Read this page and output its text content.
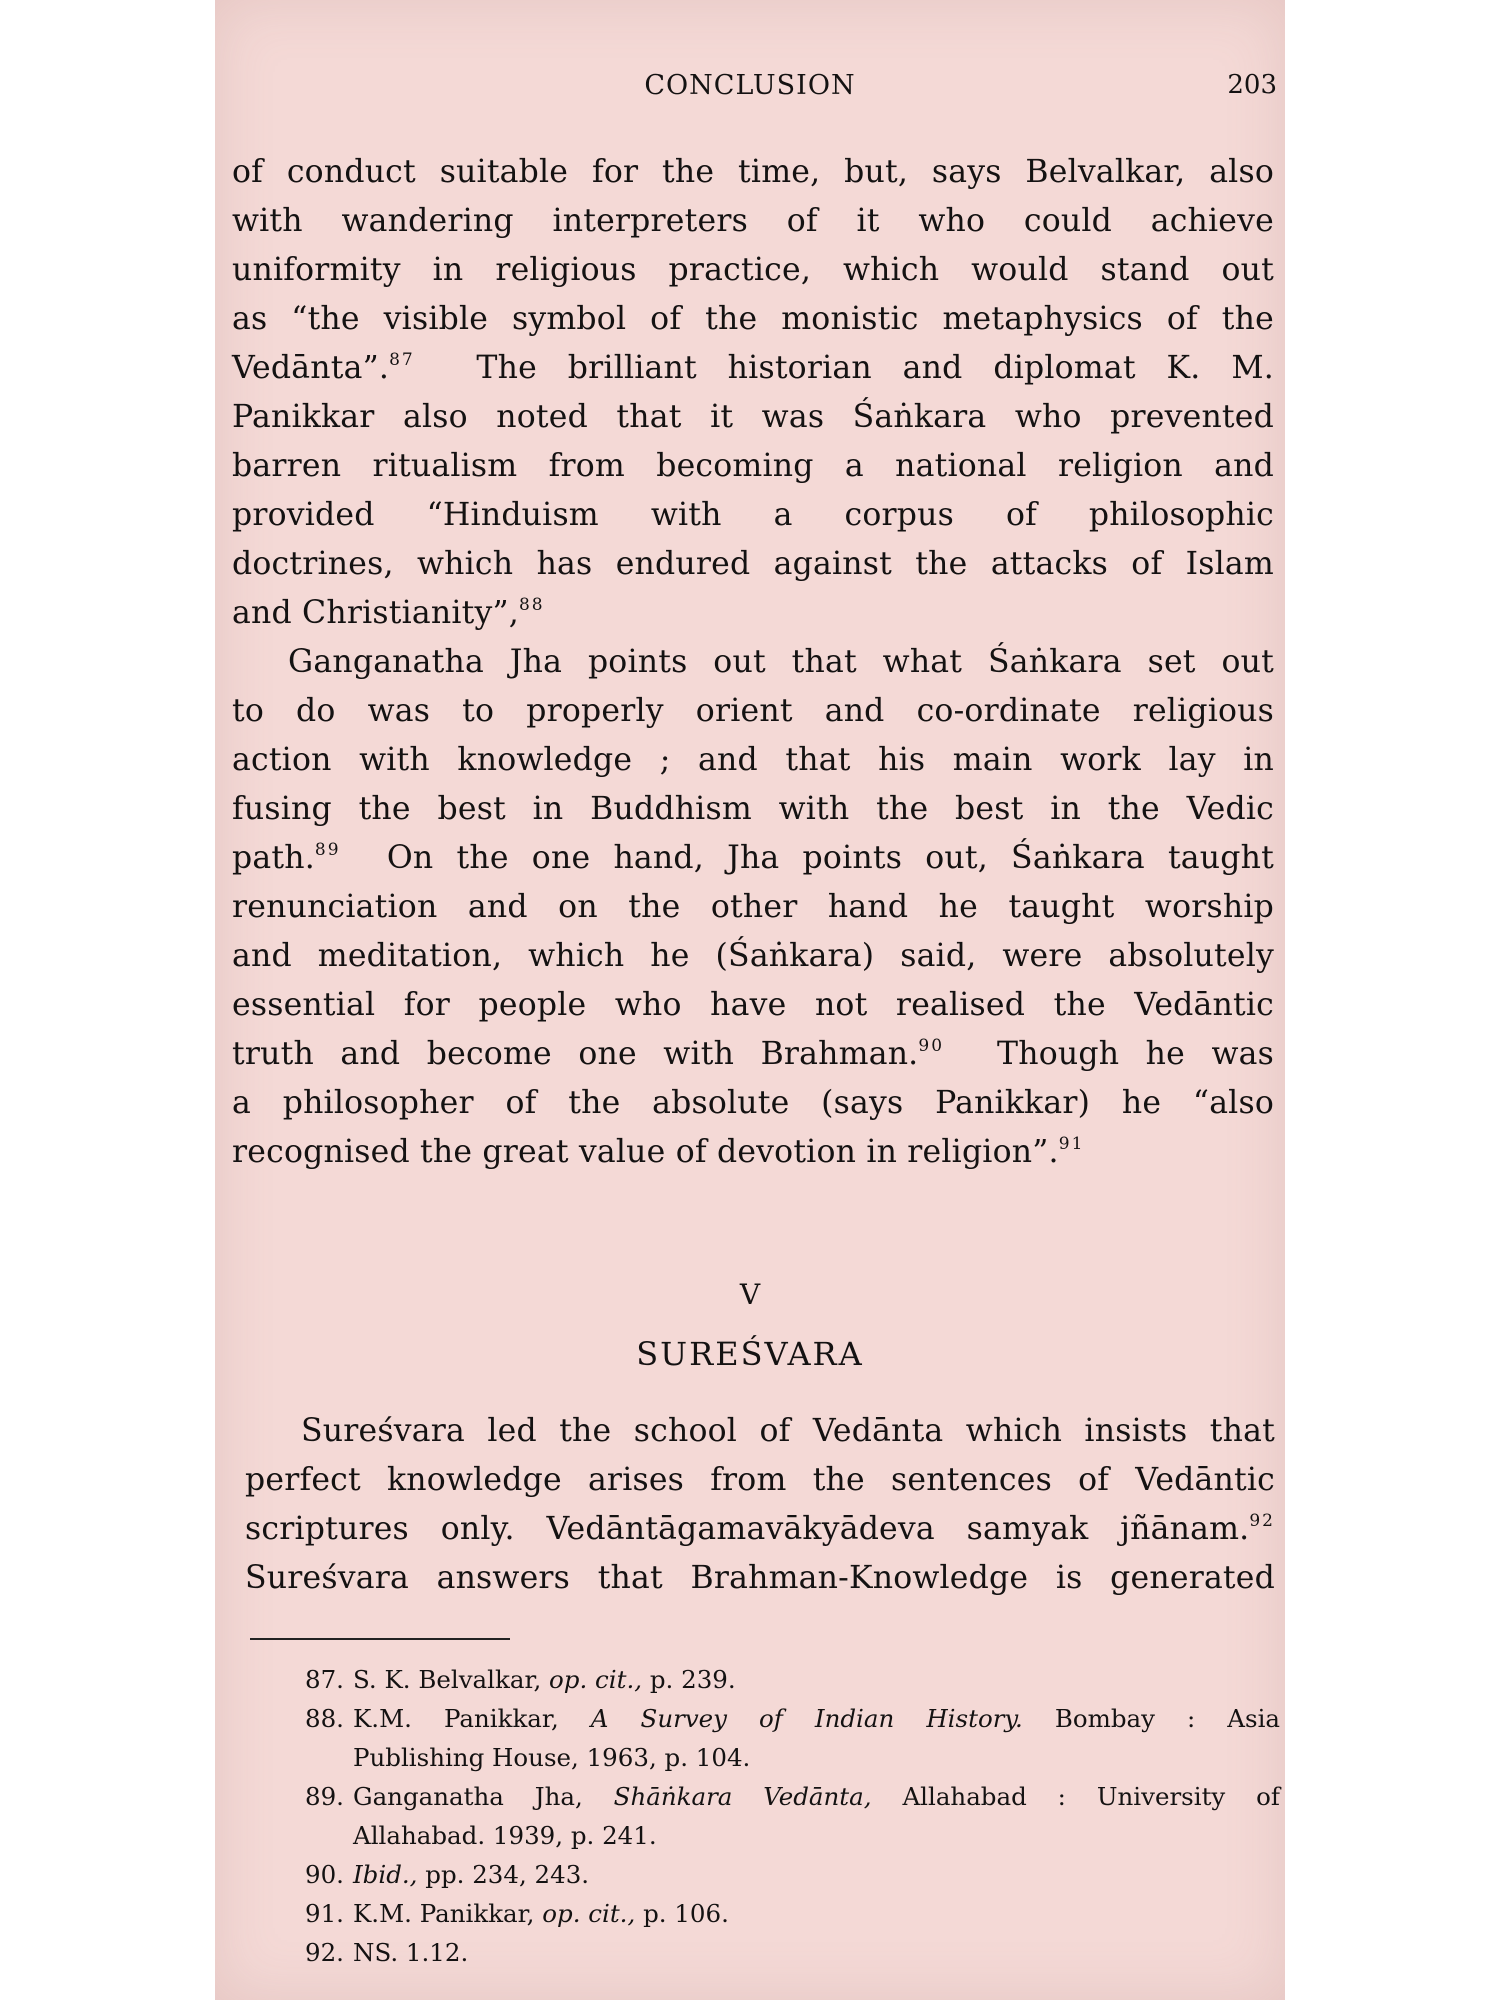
CONCLUSION	203
of conduct suitable for the time, but, says Belvalkar, also
with wandering interpreters of it who could achieve
uniformity in religious practice, which would stand out
as “the visible symbol of the monistic metaphysics of the
Vedānta”.$^{87}$ The brilliant historian and diplomat K. M.
Panikkar also noted that it was Śaṅkara who prevented
barren ritualism from becoming a national religion and
provided “Hinduism with a corpus of philosophic
doctrines, which has endured against the attacks of Islam
and Christianity”,$^{88}$
Ganganatha Jha points out that what Śaṅkara set out
to do was to properly orient and co-ordinate religious
action with knowledge ; and that his main work lay in
fusing the best in Buddhism with the best in the Vedic
path.$^{89}$ On the one hand, Jha points out, Śaṅkara taught
renunciation and on the other hand he taught worship
and meditation, which he (Śaṅkara) said, were absolutely
essential for people who have not realised the Vedāntic
truth and become one with Brahman.$^{90}$ Though he was
a philosopher of the absolute (says Panikkar) he “also
recognised the great value of devotion in religion”.$^{91}$
V
SUREŚVARA
Sureśvara led the school of Vedānta which insists that
perfect knowledge arises from the sentences of Vedāntic
scriptures only. Vedāntāgamavākyādeva samyak jñānam.$^{92}$
Sureśvara answers that Brahman-Knowledge is generated
87. S. K. Belvalkar, op. cit., p. 239.
88. K.M. Panikkar, A Survey of Indian History. Bombay : Asia
Publishing House, 1963, p. 104.
89. Ganganatha Jha, Shāṅkara Vedānta, Allahabad : University of
Allahabad. 1939, p. 241.
90. Ibid., pp. 234, 243.
91. K.M. Panikkar, op. cit., p. 106.
92. NS. 1.12.
